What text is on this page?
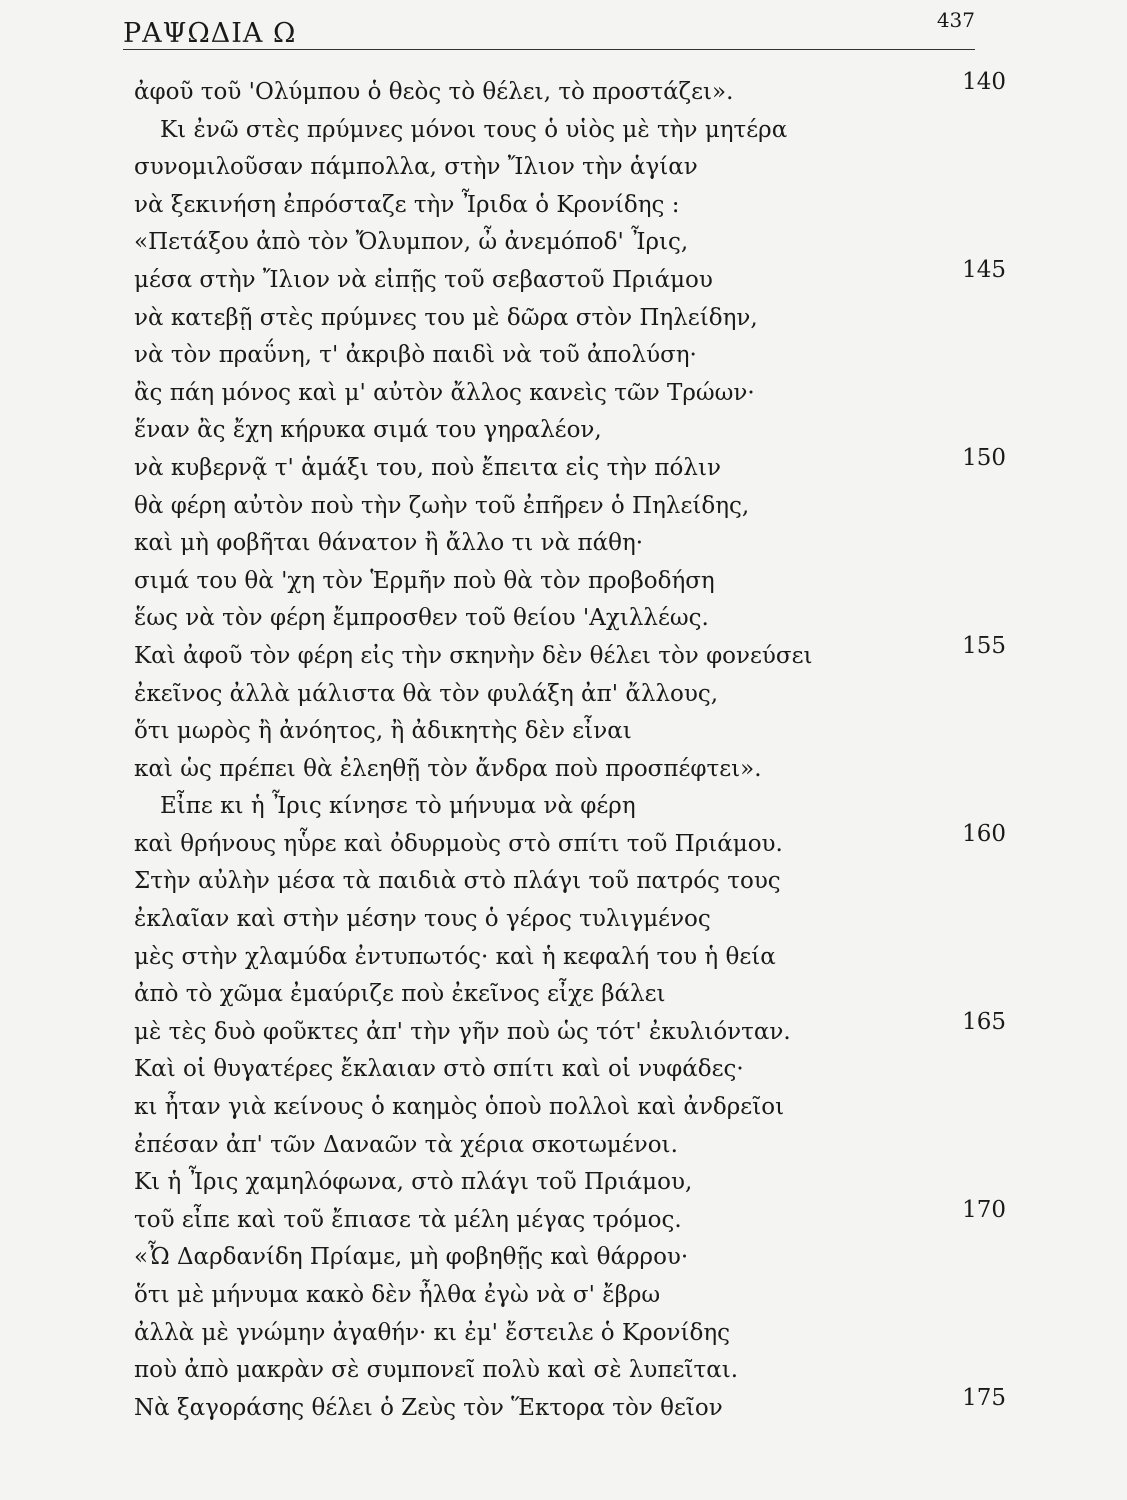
ΡΑΨΩΔΙΑ Ω	437
ἀφοῦ τοῦ 'Ολύμπου ὁ θεὸς τὸ θέλει, τὸ προστάζει».	140
Κι ἐνῶ στὲς πρύμνες μόνοι τους ὁ υἱὸς μὲ τὴν μητέρα
συνομιλοῦσαν πάμπολλα, στὴν Ἴλιον τὴν ἁγίαν
νὰ ξεκινήση ἐπρόσταζε τὴν Ἶριδα ὁ Κρονίδης :
«Πετάξου ἀπὸ τὸν Ὄλυμπον, ὦ ἀνεμόποδ' Ἶρις,
μέσα στὴν Ἴλιον νὰ εἰπῇς τοῦ σεβαστοῦ Πριάμου	145
νὰ κατεβῇ στὲς πρύμνες του μὲ δῶρα στὸν Πηλείδην,
νὰ τὸν πραΰνη, τ' ἀκριβὸ παιδὶ νὰ τοῦ ἀπολύση·
ἂς πάη μόνος καὶ μ' αὐτὸν ἄλλος κανεὶς τῶν Τρώων·
ἕναν ἂς ἔχη κήρυκα σιμά του γηραλέον,
νὰ κυβερνᾷ τ' ἁμάξι του, ποὺ ἔπειτα εἰς τὴν πόλιν	150
θὰ φέρη αὐτὸν ποὺ τὴν ζωὴν τοῦ ἐπῆρεν ὁ Πηλείδης,
καὶ μὴ φοβῆται θάνατον ἢ ἄλλο τι νὰ πάθη·
σιμά του θὰ 'χη τὸν Ἑρμῆν ποὺ θὰ τὸν προβοδήση
ἕως νὰ τὸν φέρη ἔμπροσθεν τοῦ θείου 'Αχιλλέως.
Καὶ ἀφοῦ τὸν φέρη εἰς τὴν σκηνὴν δὲν θέλει τὸν φονεύσει	155
ἐκεῖνος ἀλλὰ μάλιστα θὰ τὸν φυλάξη ἀπ' ἄλλους,
ὅτι μωρὸς ἢ ἀνόητος, ἢ ἀδικητὴς δὲν εἶναι
καὶ ὡς πρέπει θὰ ἐλεηθῇ τὸν ἄνδρα ποὺ προσπέφτει».
Εἶπε κι ἡ Ἶρις κίνησε τὸ μήνυμα νὰ φέρη
καὶ θρήνους ηὗρε καὶ ὀδυρμοὺς στὸ σπίτι τοῦ Πριάμου.	160
Στὴν αὐλὴν μέσα τὰ παιδιὰ στὸ πλάγι τοῦ πατρός τους
ἐκλαῖαν καὶ στὴν μέσην τους ὁ γέρος τυλιγμένος
μὲς στὴν χλαμύδα ἐντυπωτός· καὶ ἡ κεφαλή του ἡ θεία
ἀπὸ τὸ χῶμα ἐμαύριζε ποὺ ἐκεῖνος εἶχε βάλει
μὲ τὲς δυὸ φοῦκτες ἀπ' τὴν γῆν ποὺ ὡς τότ' ἐκυλιόνταν.	165
Καὶ οἱ θυγατέρες ἔκλαιαν στὸ σπίτι καὶ οἱ νυφάδες·
κι ἦταν γιὰ κείνους ὁ καημὸς ὁποὺ πολλοὶ καὶ ἀνδρεῖοι
ἐπέσαν ἀπ' τῶν Δαναῶν τὰ χέρια σκοτωμένοι.
Κι ἡ Ἶρις χαμηλόφωνα, στὸ πλάγι τοῦ Πριάμου,
τοῦ εἶπε καὶ τοῦ ἔπιασε τὰ μέλη μέγας τρόμος.	170
«Ὦ Δαρδανίδη Πρίαμε, μὴ φοβηθῇς καὶ θάρρου·
ὅτι μὲ μήνυμα κακὸ δὲν ἦλθα ἐγὼ νὰ σ' ἔβρω
ἀλλὰ μὲ γνώμην ἀγαθήν· κι ἐμ' ἔστειλε ὁ Κρονίδης
ποὺ ἀπὸ μακρὰν σὲ συμπονεῖ πολὺ καὶ σὲ λυπεῖται.
Νὰ ξαγοράσης θέλει ὁ Ζεὺς τὸν Ἕκτορα τὸν θεῖον	175
